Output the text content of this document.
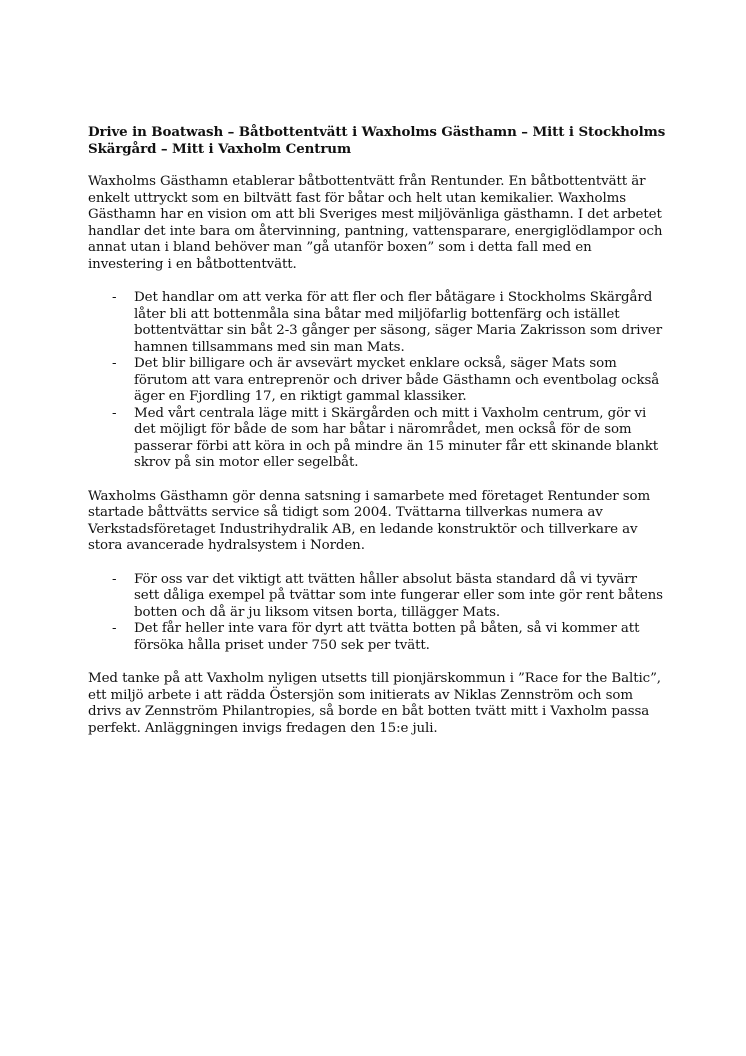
Drive in Boatwash – Båtbottentvätt i Waxholms Gästhamn – Mitt i Stockholms Skärgård – Mitt i Vaxholm Centrum

Waxholms Gästhamn etablerar båtbottentvätt från Rentunder. En båtbottentvätt är enkelt uttryckt som en biltvätt fast för båtar och helt utan kemikalier. Waxholms Gästhamn har en vision om att bli Sveriges mest miljövänliga gästhamn. I det arbetet handlar det inte bara om återvinning, pantning, vattensparare, energiglödlampor och annat utan i bland behöver man ”gå utanför boxen” som i detta fall med en investering i en båtbottentvätt.

- Det handlar om att verka för att fler och fler båtägare i Stockholms Skärgård låter bli att bottenmåla sina båtar med miljöfarlig bottenfärg och istället bottentvättar sin båt 2-3 gånger per säsong, säger Maria Zakrisson som driver hamnen tillsammans med sin man Mats.
- Det blir billigare och är avsevärt mycket enklare också, säger Mats som förutom att vara entreprenör och driver både Gästhamn och eventbolag också äger en Fjordling 17, en riktigt gammal klassiker.
- Med vårt centrala läge mitt i Skärgården och mitt i Vaxholm centrum, gör vi det möjligt för både de som har båtar i närområdet, men också för de som passerar förbi att köra in och på mindre än 15 minuter får ett skinande blankt skrov på sin motor eller segelbåt.

Waxholms Gästhamn gör denna satsning i samarbete med företaget Rentunder som startade båttvätts service så tidigt som 2004. Tvättarna tillverkas numera av Verkstadsföretaget Industrihydralik AB, en ledande konstruktör och tillverkare av stora avancerade hydralsystem i Norden.

- För oss var det viktigt att tvätten håller absolut bästa standard då vi tyvärr sett dåliga exempel på tvättar som inte fungerar eller som inte gör rent båtens botten och då är ju liksom vitsen borta, tillägger Mats.
- Det får heller inte vara för dyrt att tvätta botten på båten, så vi kommer att försöka hålla priset under 750 sek per tvätt.

Med tanke på att Vaxholm nyligen utsetts till pionjärskommun i ”Race for the Baltic”, ett miljö arbete i att rädda Östersjön som initierats av Niklas Zennström och som drivs av Zennström Philantropies, så borde en båt botten tvätt mitt i Vaxholm passa perfekt. Anläggningen invigs fredagen den 15:e juli.
